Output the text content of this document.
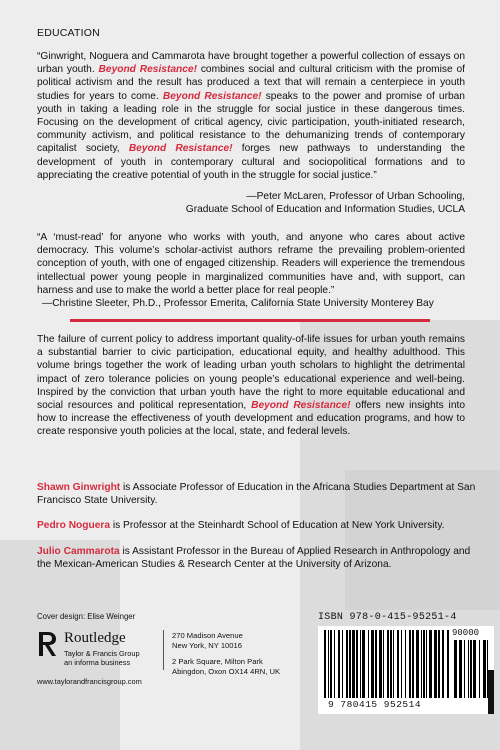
EDUCATION
“Ginwright, Noguera and Cammarota have brought together a powerful collection of essays on urban youth. Beyond Resistance! combines social and cultural criticism with the promise of political activism and the result has produced a text that will remain a centerpiece in youth studies for years to come. Beyond Resistance! speaks to the power and promise of urban youth in taking a leading role in the struggle for social justice in these dangerous times. Focusing on the development of critical agency, civic participation, youth-initiated research, community activism, and political resistance to the dehumanizing trends of contemporary capitalist society, Beyond Resistance! forges new pathways to understanding the development of youth in contemporary cultural and sociopolitical formations and to appreciating the creative potential of youth in the struggle for social justice.”
—Peter McLaren, Professor of Urban Schooling,
Graduate School of Education and Information Studies, UCLA
“A ‘must-read’ for anyone who works with youth, and anyone who cares about active democracy. This volume’s scholar-activist authors reframe the prevailing problem-oriented conception of youth, with one of engaged citizenship. Readers will experience the tremendous intellectual power young people in marginalized communities have and, with support, can harness and use to make the world a better place for real people.”
—Christine Sleeter, Ph.D., Professor Emerita, California State University Monterey Bay
The failure of current policy to address important quality-of-life issues for urban youth remains a substantial barrier to civic participation, educational equity, and healthy adulthood. This volume brings together the work of leading urban youth scholars to highlight the detrimental impact of zero tolerance policies on young people’s educational experience and well-being. Inspired by the conviction that urban youth have the right to more equitable educational and social resources and political representation, Beyond Resistance! offers new insights into how to increase the effectiveness of youth development and education programs, and how to create responsive youth policies at the local, state, and federal levels.
Shawn Ginwright is Associate Professor of Education in the Africana Studies Department at San Francisco State University.
Pedro Noguera is Professor at the Steinhardt School of Education at New York University.
Julio Cammarota is Assistant Professor in the Bureau of Applied Research in Anthropology and the Mexican-American Studies & Research Center at the University of Arizona.
Cover design: Elise Weinger
Routledge
Taylor & Francis Group
an informa business
www.taylorandfrancisgroup.com
270 Madison Avenue
New York, NY 10016
2 Park Square, Milton Park
Abingdon, Oxon OX14 4RN, UK
ISBN 978-0-415-95251-4
90000
9 780415 952514
